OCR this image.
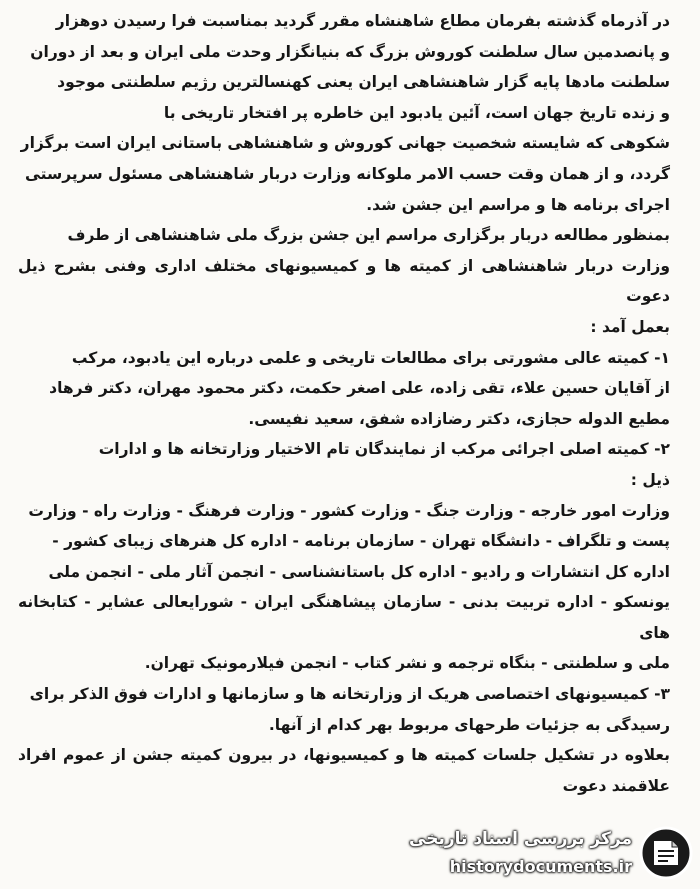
در آذرماه گذشته بفرمان مطاع شاهنشاه مقرر گردید بمناسبت فرا رسیدن دوهزار

و پانصدمین سال سلطنت کوروش بزرگ که بنیانگزار وحدت ملی ایران و بعد از دوران

سلطنت مادها پایه گزار شاهنشاهی ایران یعنی کهنسالترین رژیم سلطنتی موجود

و زنده تاریخ جهان است، آئین یادبود این خاطره پر افتخار تاریخی با

شکوهی که شایسته شخصیت جهانی کوروش و شاهنشاهی باستانی ایران است برگزار

گردد، و از همان وقت حسب الامر ملوکانه وزارت دربار شاهنشاهی مسئول سرپرستی

اجرای برنامه ها و مراسم این جشن شد.

بمنظور مطالعه دربار برگزاری مراسم این جشن بزرگ ملی شاهنشاهی از طرف

وزارت دربار شاهنشاهی از کمیته ها و کمیسیونهای مختلف اداری وفنی بشرح ذیل دعوت

بعمل آمد :

۱- کمیته عالی مشورتی برای مطالعات تاریخی و علمی درباره این یادبود، مرکب

از آقایان حسین علاء، تقی زاده، علی اصغر حکمت، دکتر محمود مهران، دکتر فرهاد

مطیع الدوله حجازی، دکتر رضازاده شفق، سعید نفیسی.

۲- کمیته اصلی اجرائی مرکب از نمایندگان تام الاختیار وزارتخانه ها و ادارات

ذیل :

وزارت امور خارجه - وزارت جنگ - وزارت کشور - وزارت فرهنگ - وزارت راه - وزارت

پست و تلگراف - دانشگاه تهران - سازمان برنامه - اداره کل هنرهای زیبای کشور -

اداره کل انتشارات و رادیو - اداره کل باستانشناسی - انجمن آثار ملی - انجمن ملی

یونسکو - اداره تربیت بدنی - سازمان پیشاهنگی ایران - شورایعالی عشایر - کتابخانه های

ملی و سلطنتی - بنگاه ترجمه و نشر کتاب - انجمن فیلارمونیک تهران.

۳- کمیسیونهای اختصاصی هریک از وزارتخانه ها و سازمانها و ادارات فوق الذکر برای

رسیدگی به جزئیات طرحهای مربوط بهر کدام از آنها.

بعلاوه در تشکیل جلسات کمیته ها و کمیسیونها، در بیرون کمیته جشن از عموم افراد علاقمند دعوت

مرکز بررسی اسناد تاریخی
historydocuments.ir
